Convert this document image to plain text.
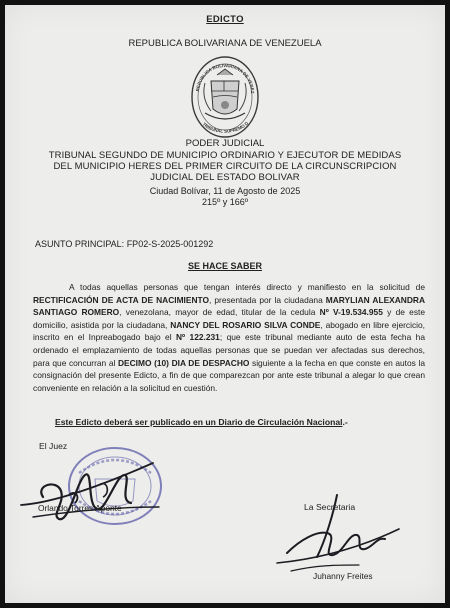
EDICTO
REPUBLICA BOLIVARIANA DE VENEZUELA
REPUBLICA BOLIVARIANA DE VENEZ
TRIBUNAL SUPREMO D
PODER JUDICIAL
TRIBUNAL SEGUNDO DE MUNICIPIO ORDINARIO Y EJECUTOR DE MEDIDAS
DEL MUNICIPIO HERES DEL PRIMER CIRCUITO DE LA CIRCUNSCRIPCION
JUDICIAL DEL ESTADO BOLIVAR
Ciudad Bolívar, 11 de Agosto de 2025
215º y 166º
ASUNTO PRINCIPAL: FP02-S-2025-001292
SE HACE SABER
A todas aquellas personas que tengan interés directo y manifiesto en la solicitud de RECTIFICACIÓN DE ACTA DE NACIMIENTO, presentada por la ciudadana MARYLIAN ALEXANDRA SANTIAGO ROMERO, venezolana, mayor de edad, titular de la cedula Nº V-19.534.955 y de este domicilio, asistida por la ciudadana, NANCY DEL ROSARIO SILVA CONDE, abogado en libre ejercicio, inscrito en el Inpreabogado bajo el Nº 122.231; que este tribunal mediante auto de esta fecha ha ordenado el emplazamiento de todas aquellas personas que se puedan ver afectadas sus derechos, para que concurran al DECIMO (10) DIA DE DESPACHO siguiente a la fecha en que conste en autos la consignación del presente Edicto, a fin de que comparezcan por ante este tribunal a alegar lo que crean conveniente en relación a la solicitud en cuestión.
Este Edicto deberá ser publicado en un Diario de Circulación Nacional.-
El Juez
Orlando Torres Aponte	La Secretaria
Juhanny Freites
